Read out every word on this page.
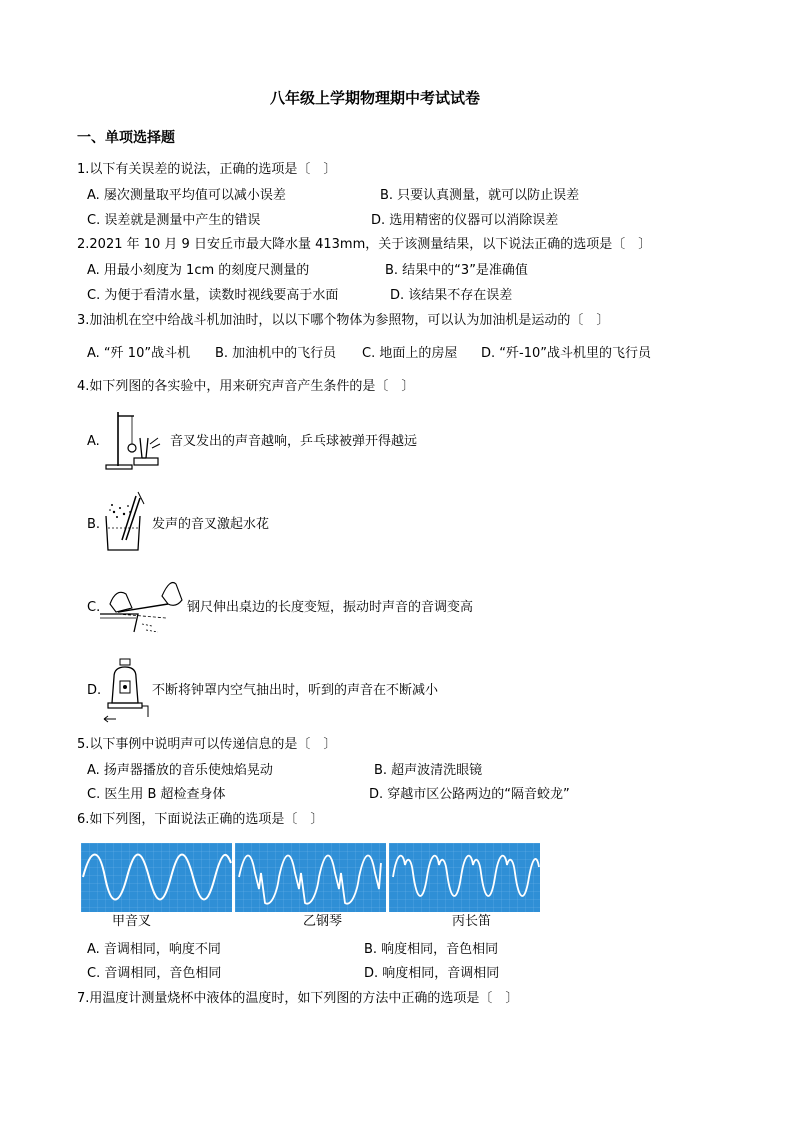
八年级上学期物理期中考试试卷
一、单项选择题
1.以下有关误差的说法，正确的选项是〔　〕
A. 屡次测量取平均值可以减小误差	B. 只要认真测量，就可以防止误差
C. 误差就是测量中产生的错误	D. 选用精密的仪器可以消除误差
2.2021 年 10 月 9 日安丘市最大降水量 413mm，关于该测量结果，以下说法正确的选项是〔　〕
A. 用最小刻度为 1cm 的刻度尺测量的	B. 结果中的“3”是准确值
C. 为便于看清水量，读数时视线要高于水面	D. 该结果不存在误差
3.加油机在空中给战斗机加油时，以以下哪个物体为参照物，可以认为加油机是运动的〔　〕
A. “歼 10”战斗机 B. 加油机中的飞行员 C. 地面上的房屋 D. “歼-10”战斗机里的飞行员
4.如下列图的各实验中，用来研究声音产生条件的是〔　〕
A.	音叉发出的声音越响，乒乓球被弹开得越远
B.	发声的音叉激起水花
C.	钢尺伸出桌边的长度变短，振动时声音的音调变高
D.	不断将钟罩内空气抽出时，听到的声音在不断减小
5.以下事例中说明声可以传递信息的是〔　〕
A. 扬声器播放的音乐使烛焰晃动	B. 超声波清洗眼镜
C. 医生用 B 超检查身体	D. 穿越市区公路两边的“隔音蛟龙”
6.如下列图，下面说法正确的选项是〔　〕
甲音叉	乙钢琴	丙长笛
A. 音调相同，响度不同	B. 响度相同，音色相同
C. 音调相同，音色相同	D. 响度相同，音调相同
7.用温度计测量烧杯中液体的温度时，如下列图的方法中正确的选项是〔　〕
